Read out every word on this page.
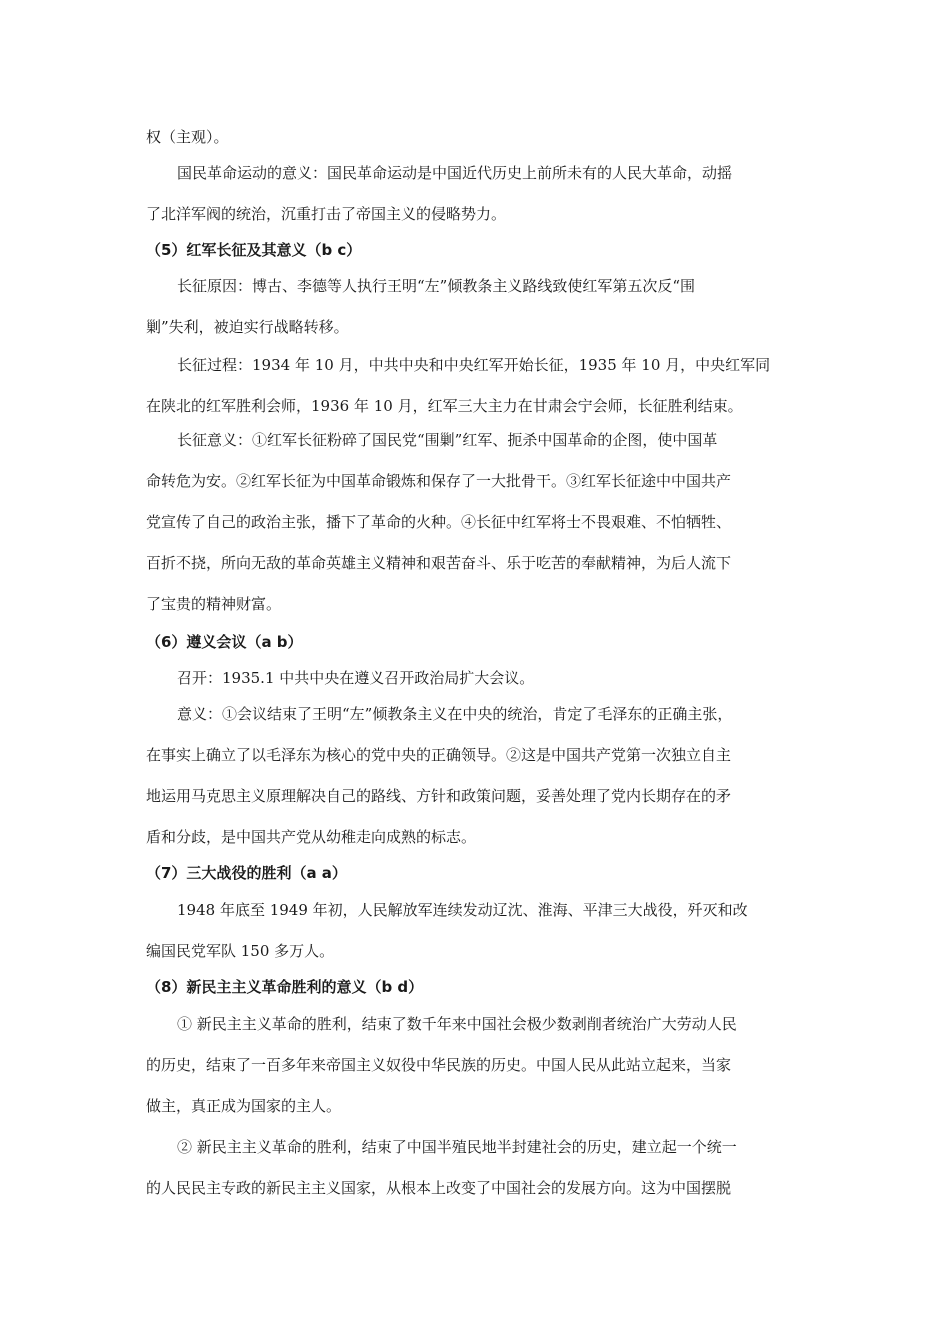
权（主观）。
国民革命运动的意义：国民革命运动是中国近代历史上前所未有的人民大革命，动摇
了北洋军阀的统治，沉重打击了帝国主义的侵略势力。
（5）红军长征及其意义（b c）
长征原因：博古、李德等人执行王明“左”倾教条主义路线致使红军第五次反“围
剿”失利，被迫实行战略转移。
长征过程：1934 年 10 月，中共中央和中央红军开始长征，1935 年 10 月，中央红军同
在陕北的红军胜利会师，1936 年 10 月，红军三大主力在甘肃会宁会师，长征胜利结束。
长征意义：①红军长征粉碎了国民党“围剿”红军、扼杀中国革命的企图，使中国革
命转危为安。②红军长征为中国革命锻炼和保存了一大批骨干。③红军长征途中中国共产
党宣传了自己的政治主张，播下了革命的火种。④长征中红军将士不畏艰难、不怕牺牲、
百折不挠，所向无敌的革命英雄主义精神和艰苦奋斗、乐于吃苦的奉献精神，为后人流下
了宝贵的精神财富。
（6）遵义会议（a b）
召开：1935.1 中共中央在遵义召开政治局扩大会议。
意义：①会议结束了王明“左”倾教条主义在中央的统治，肯定了毛泽东的正确主张，
在事实上确立了以毛泽东为核心的党中央的正确领导。②这是中国共产党第一次独立自主
地运用马克思主义原理解决自己的路线、方针和政策问题，妥善处理了党内长期存在的矛
盾和分歧，是中国共产党从幼稚走向成熟的标志。
（7）三大战役的胜利（a a）
1948 年底至 1949 年初，人民解放军连续发动辽沈、淮海、平津三大战役，歼灭和改
编国民党军队 150 多万人。
（8）新民主主义革命胜利的意义（b d）
① 新民主主义革命的胜利，结束了数千年来中国社会极少数剥削者统治广大劳动人民
的历史，结束了一百多年来帝国主义奴役中华民族的历史。中国人民从此站立起来，当家
做主，真正成为国家的主人。
② 新民主主义革命的胜利，结束了中国半殖民地半封建社会的历史，建立起一个统一
的人民民主专政的新民主主义国家，从根本上改变了中国社会的发展方向。这为中国摆脱
